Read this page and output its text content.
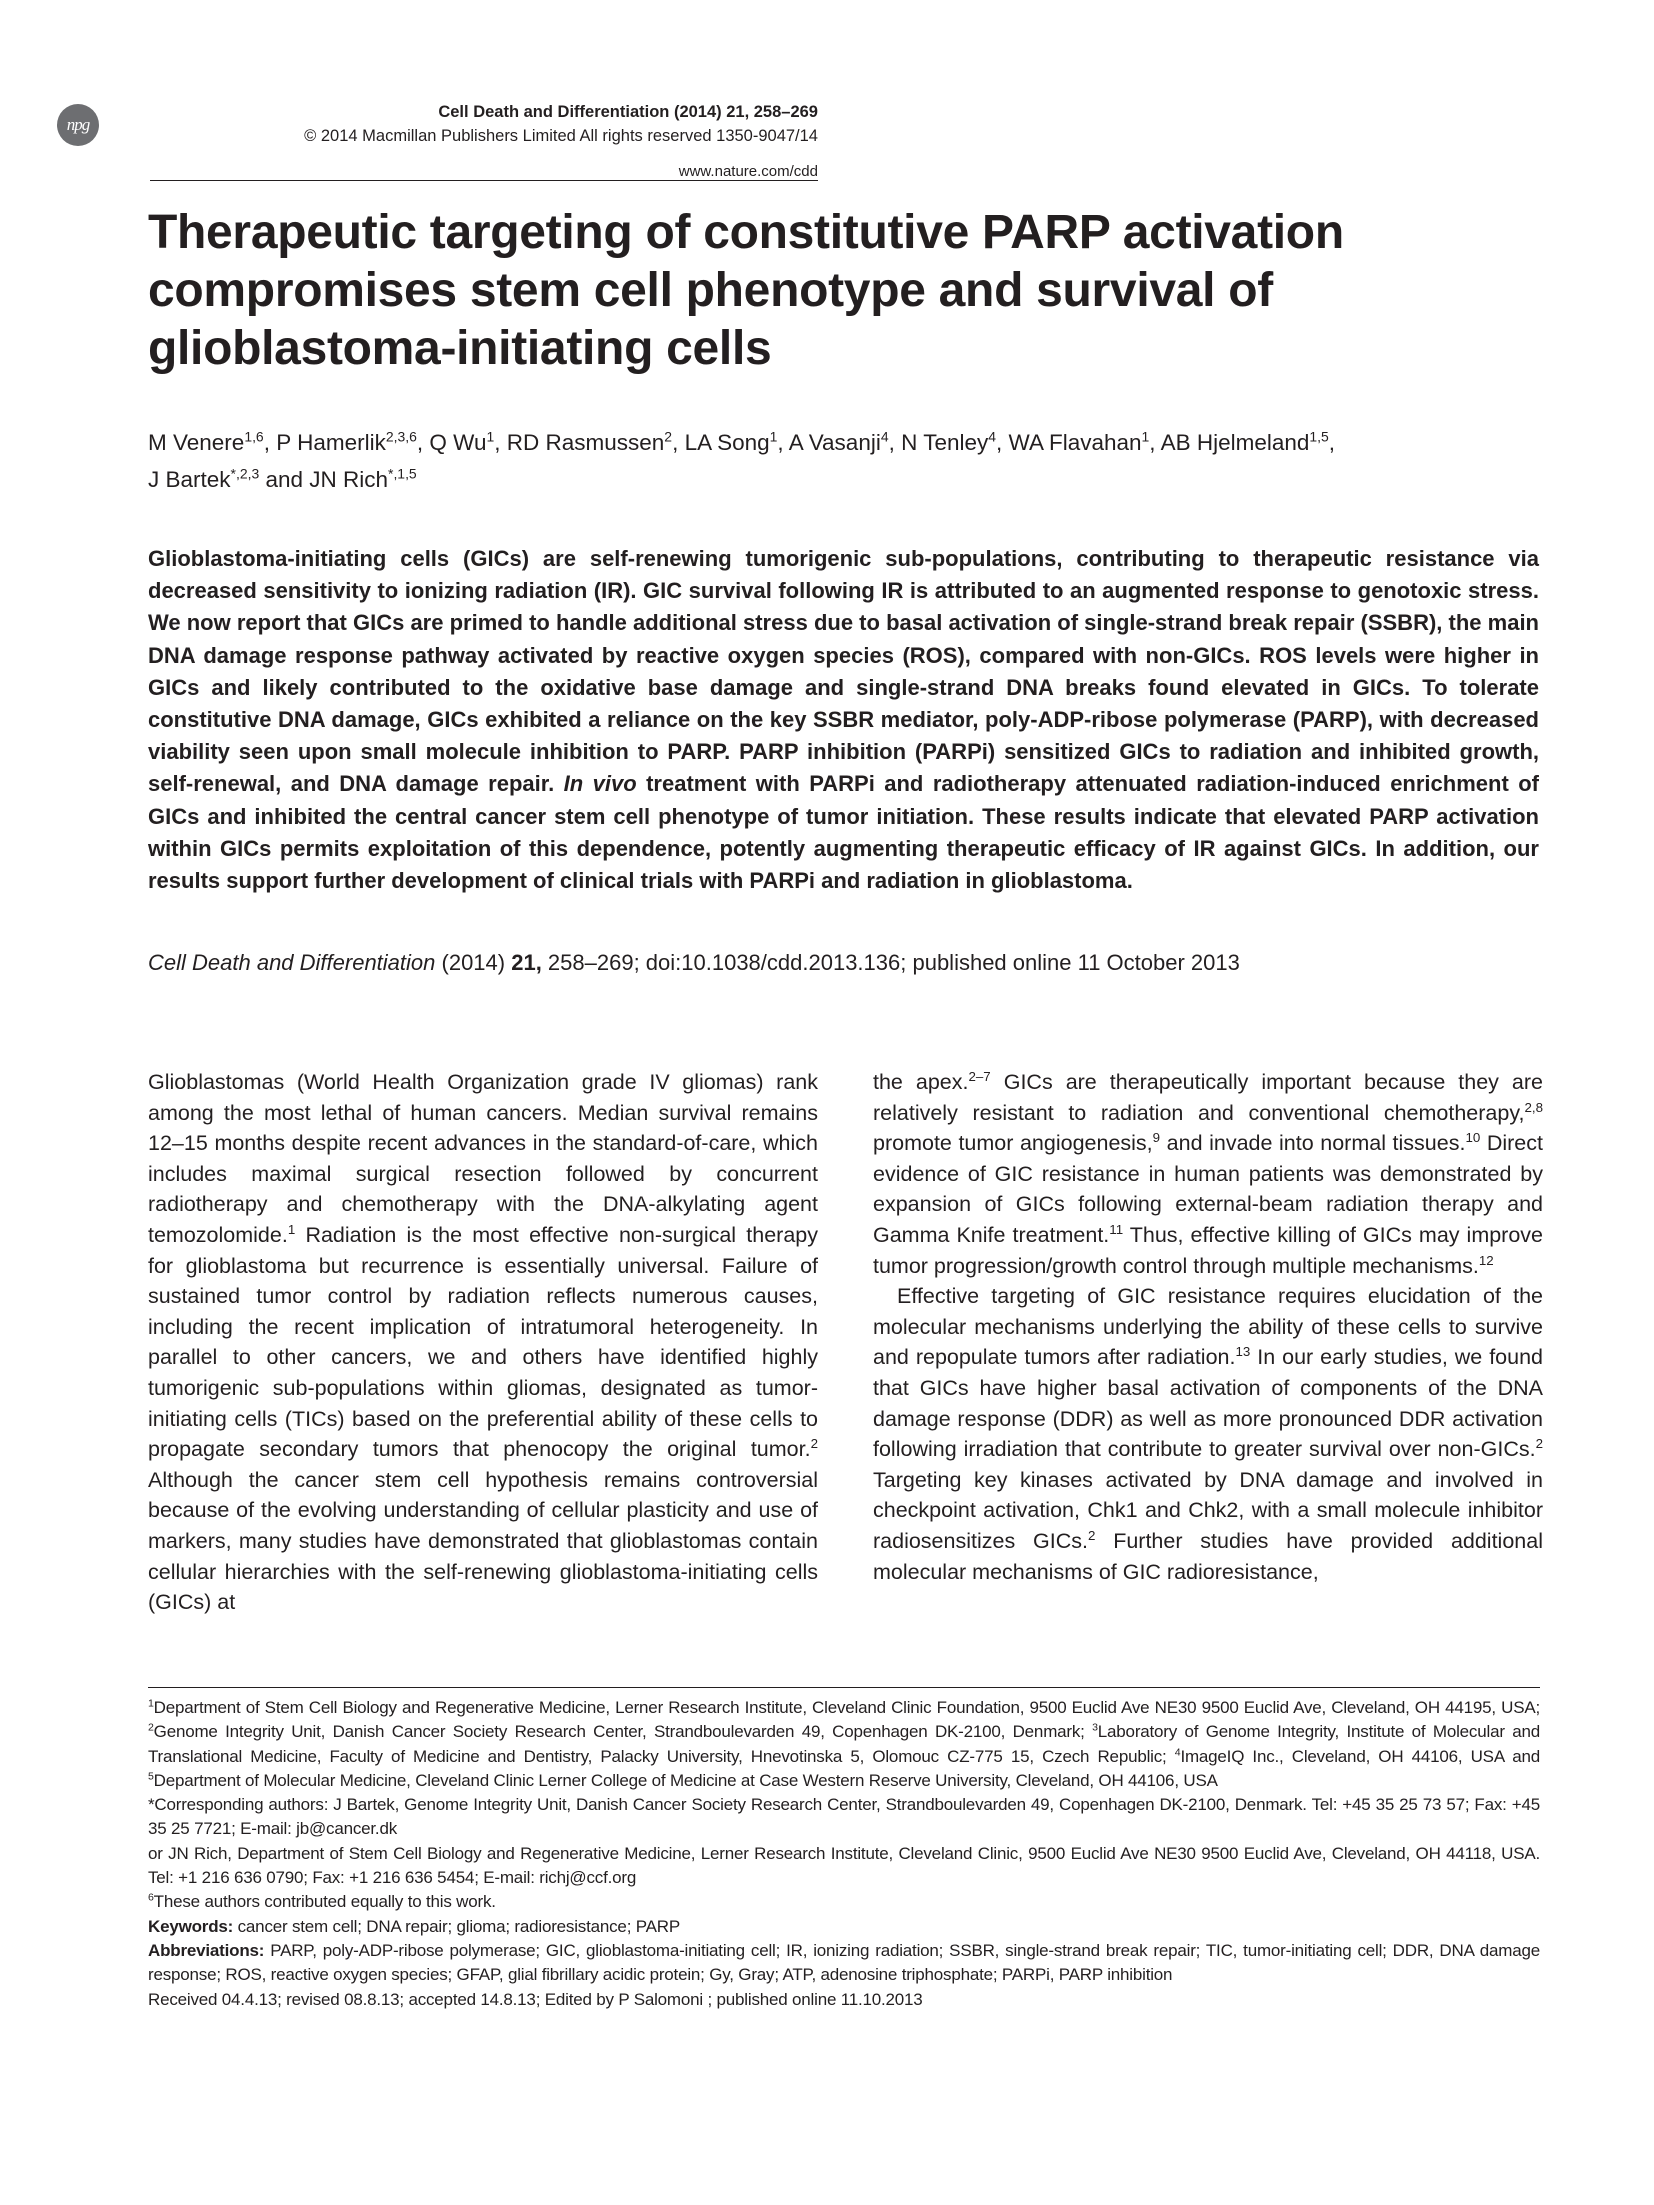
npg
Cell Death and Differentiation (2014) 21, 258–269
© 2014 Macmillan Publishers Limited All rights reserved 1350-9047/14
www.nature.com/cdd
Therapeutic targeting of constitutive PARP activation compromises stem cell phenotype and survival of glioblastoma-initiating cells
M Venere$^{1,6}$, P Hamerlik$^{2,3,6}$, Q Wu$^1$, RD Rasmussen$^2$, LA Song$^1$, A Vasanji$^4$, N Tenley$^4$, WA Flavahan$^1$, AB Hjelmeland$^{1,5}$,
J Bartek$^{*,2,3}$ and JN Rich$^{*,1,5}$

Glioblastoma-initiating cells (GICs) are self-renewing tumorigenic sub-populations, contributing to therapeutic resistance via decreased sensitivity to ionizing radiation (IR). GIC survival following IR is attributed to an augmented response to genotoxic stress. We now report that GICs are primed to handle additional stress due to basal activation of single-strand break repair (SSBR), the main DNA damage response pathway activated by reactive oxygen species (ROS), compared with non-GICs. ROS levels were higher in GICs and likely contributed to the oxidative base damage and single-strand DNA breaks found elevated in GICs. To tolerate constitutive DNA damage, GICs exhibited a reliance on the key SSBR mediator, poly-ADP-ribose polymerase (PARP), with decreased viability seen upon small molecule inhibition to PARP. PARP inhibition (PARPi) sensitized GICs to radiation and inhibited growth, self-renewal, and DNA damage repair. In vivo treatment with PARPi and radiotherapy attenuated radiation-induced enrichment of GICs and inhibited the central cancer stem cell phenotype of tumor initiation. These results indicate that elevated PARP activation within GICs permits exploitation of this dependence, potently augmenting therapeutic efficacy of IR against GICs. In addition, our results support further development of clinical trials with PARPi and radiation in glioblastoma.

Cell Death and Differentiation (2014) 21, 258–269; doi:10.1038/cdd.2013.136; published online 11 October 2013

Glioblastomas (World Health Organization grade IV gliomas) rank among the most lethal of human cancers. Median survival remains 12–15 months despite recent advances in the standard-of-care, which includes maximal surgical resection followed by concurrent radiotherapy and chemotherapy with the DNA-alkylating agent temozolomide.$^1$ Radiation is the most effective non-surgical therapy for glioblastoma but recurrence is essentially universal. Failure of sustained tumor control by radiation reflects numerous causes, including the recent implication of intratumoral heterogeneity. In parallel to other cancers, we and others have identified highly tumorigenic sub-populations within gliomas, designated as tumor-initiating cells (TICs) based on the preferential ability of these cells to propagate secondary tumors that phenocopy the original tumor.$^2$ Although the cancer stem cell hypothesis remains controversial because of the evolving understanding of cellular plasticity and use of markers, many studies have demonstrated that glioblastomas contain cellular hierarchies with the self-renewing glioblastoma-initiating cells (GICs) at

the apex.$^{2-7}$ GICs are therapeutically important because they are relatively resistant to radiation and conventional chemotherapy,$^{2,8}$ promote tumor angiogenesis,$^9$ and invade into normal tissues.$^{10}$ Direct evidence of GIC resistance in human patients was demonstrated by expansion of GICs following external-beam radiation therapy and Gamma Knife treatment.$^{11}$ Thus, effective killing of GICs may improve tumor progression/growth control through multiple mechanisms.$^{12}$

Effective targeting of GIC resistance requires elucidation of the molecular mechanisms underlying the ability of these cells to survive and repopulate tumors after radiation.$^{13}$ In our early studies, we found that GICs have higher basal activation of components of the DNA damage response (DDR) as well as more pronounced DDR activation following irradiation that contribute to greater survival over non-GICs.$^2$ Targeting key kinases activated by DNA damage and involved in checkpoint activation, Chk1 and Chk2, with a small molecule inhibitor radiosensitizes GICs.$^2$ Further studies have provided additional molecular mechanisms of GIC radioresistance,

$^1$Department of Stem Cell Biology and Regenerative Medicine, Lerner Research Institute, Cleveland Clinic Foundation, 9500 Euclid Ave NE30 9500 Euclid Ave, Cleveland, OH 44195, USA; $^2$Genome Integrity Unit, Danish Cancer Society Research Center, Strandboulevarden 49, Copenhagen DK-2100, Denmark; $^3$Laboratory of Genome Integrity, Institute of Molecular and Translational Medicine, Faculty of Medicine and Dentistry, Palacky University, Hnevotinska 5, Olomouc CZ-775 15, Czech Republic; $^4$ImageIQ Inc., Cleveland, OH 44106, USA and $^5$Department of Molecular Medicine, Cleveland Clinic Lerner College of Medicine at Case Western Reserve University, Cleveland, OH 44106, USA

*Corresponding authors: J Bartek, Genome Integrity Unit, Danish Cancer Society Research Center, Strandboulevarden 49, Copenhagen DK-2100, Denmark. Tel: +45 35 25 73 57; Fax: +45 35 25 7721; E-mail: jb@cancer.dk

or JN Rich, Department of Stem Cell Biology and Regenerative Medicine, Lerner Research Institute, Cleveland Clinic, 9500 Euclid Ave NE30 9500 Euclid Ave, Cleveland, OH 44118, USA. Tel: +1 216 636 0790; Fax: +1 216 636 5454; E-mail: richj@ccf.org

$^6$These authors contributed equally to this work.

Keywords: cancer stem cell; DNA repair; glioma; radioresistance; PARP

Abbreviations: PARP, poly-ADP-ribose polymerase; GIC, glioblastoma-initiating cell; IR, ionizing radiation; SSBR, single-strand break repair; TIC, tumor-initiating cell; DDR, DNA damage response; ROS, reactive oxygen species; GFAP, glial fibrillary acidic protein; Gy, Gray; ATP, adenosine triphosphate; PARPi, PARP inhibition

Received 04.4.13; revised 08.8.13; accepted 14.8.13; Edited by P Salomoni ; published online 11.10.2013
